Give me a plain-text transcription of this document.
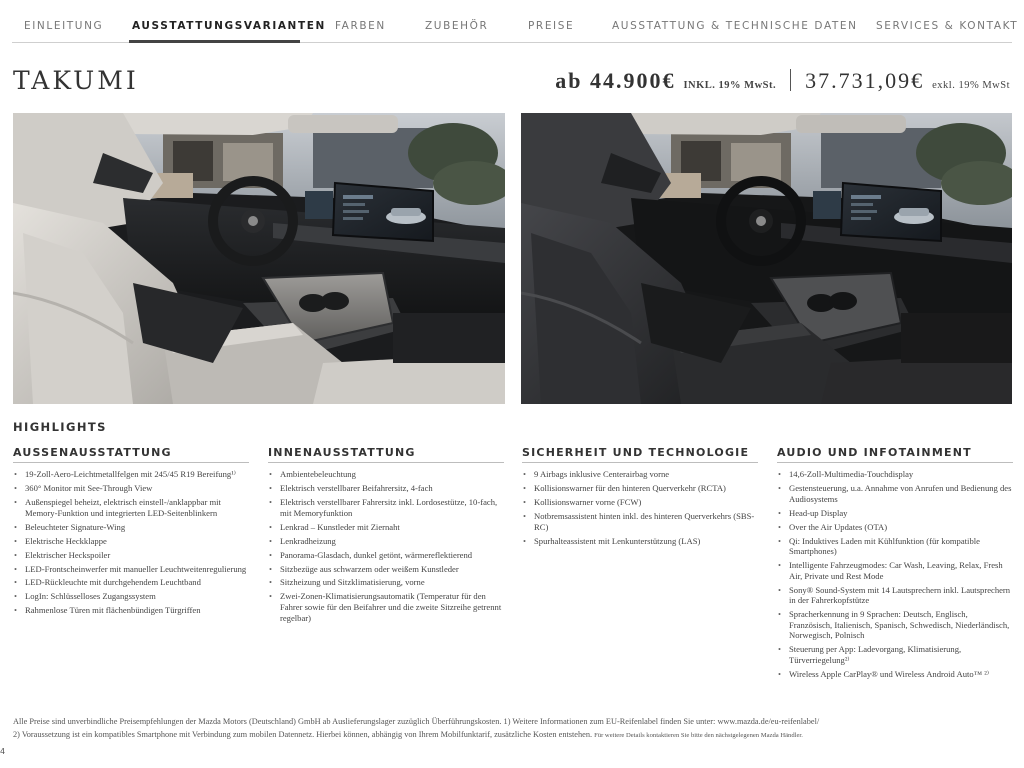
EINLEITUNG	AUSSTATTUNGSVARIANTEN FARBEN	ZUBEHÖR	PREISE	AUSSTATTUNG & TECHNISCHE DATEN SERVICES & KONTAKT
TAKUMI	ab 44.900€ INKL. 19% MwSt. 37.731,09€ exkl. 19% MwSt
HIGHLIGHTS
AUSSENAUSSTATTUNG
• 19-Zoll-Aero-Leichtmetallfelgen mit 245/45 R19 Bereifung¹⁾
• 360° Monitor mit See-Through View
• Außenspiegel beheizt, elektrisch einstell-/anklappbar mit Memory-Funktion und integrierten LED-Seitenblinkern
• Beleuchteter Signature-Wing
• Elektrische Heckklappe
• Elektrischer Heckspoiler
• LED-Frontscheinwerfer mit manueller Leuchtweitenregulierung
• LED-Rückleuchte mit durchgehendem Leuchtband
• LogIn: Schlüsselloses Zugangssystem
• Rahmenlose Türen mit flächenbündigen Türgriffen
INNENAUSSTATTUNG
• Ambientebeleuchtung
• Elektrisch verstellbarer Beifahrersitz, 4-fach
• Elektrisch verstellbarer Fahrersitz inkl. Lordosestütze, 10-fach, mit Memoryfunktion
• Lenkrad – Kunstleder mit Ziernaht
• Lenkradheizung
• Panorama-Glasdach, dunkel getönt, wärmereflektierend
• Sitzbezüge aus schwarzem oder weißem Kunstleder
• Sitzheizung und Sitzklimatisierung, vorne
• Zwei-Zonen-Klimatisierungsautomatik (Temperatur für den Fahrer sowie für den Beifahrer und die zweite Sitzreihe getrennt regelbar)
SICHERHEIT UND TECHNOLOGIE
• 9 Airbags inklusive Centerairbag vorne
• Kollisionswarner für den hinteren Querverkehr (RCTA)
• Kollisionswarner vorne (FCW)
• Notbremsassistent hinten inkl. des hinteren Querverkehrs (SBS-RC)
• Spurhalteassistent mit Lenkunterstützung (LAS)
AUDIO UND INFOTAINMENT
• 14,6-Zoll-Multimedia-Touchdisplay
• Gestensteuerung, u.a. Annahme von Anrufen und Bedienung des Audiosystems
• Head-up Display
• Over the Air Updates (OTA)
• Qi: Induktives Laden mit Kühlfunktion (für kompatible Smartphones)
• Intelligente Fahrzeugmodes: Car Wash, Leaving, Relax, Fresh Air, Private und Rest Mode
• Sony® Sound-System mit 14 Lautsprechern inkl. Lautsprechern in der Fahrerkopfstütze
• Spracherkennung in 9 Sprachen: Deutsch, Englisch, Französisch, Italienisch, Spanisch, Schwedisch, Niederländisch, Norwegisch, Polnisch
• Steuerung per App: Ladevorgang, Klimatisierung, Türverriegelung²⁾
• Wireless Apple CarPlay® und Wireless Android Auto™ ²⁾
Alle Preise sind unverbindliche Preisempfehlungen der Mazda Motors (Deutschland) GmbH ab Auslieferungslager zuzüglich Überführungskosten. 1) Weitere Informationen zum EU-Reifenlabel finden Sie unter: www.mazda.de/eu-reifenlabel/
2) Voraussetzung ist ein kompatibles Smartphone mit Verbindung zum mobilen Datennetz. Hierbei können, abhängig von Ihrem Mobilfunktarif, zusätzliche Kosten entstehen. Für weitere Details kontaktieren Sie bitte den nächstgelegenen Mazda Händler.
4
